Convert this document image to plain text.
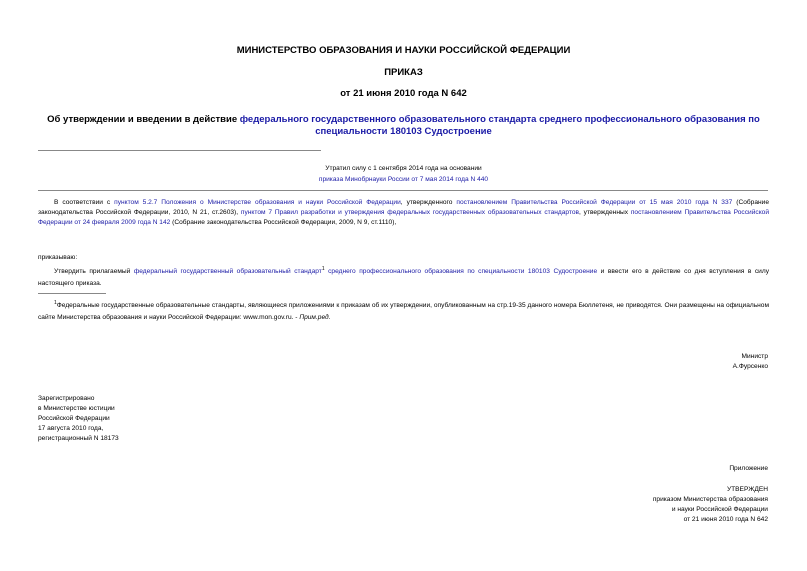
МИНИСТЕРСТВО ОБРАЗОВАНИЯ И НАУКИ РОССИЙСКОЙ ФЕДЕРАЦИИ
ПРИКАЗ
от 21 июня 2010 года N 642
Об утверждении и введении в действие федерального государственного образовательного стандарта среднего профессионального образования по
специальности 180103 Судостроение
Утратил силу с 1 сентября 2014 года на основании
приказа Минобрнауки России от 7 мая 2014 года N 440
В соответствии с пунктом 5.2.7 Положения о Министерстве образования и науки Российской Федерации, утвержденного постановлением Правительства Российской Федерации от 15 мая 2010 года N 337 (Собрание законодательства Российской Федерации, 2010, N 21, ст.2603), пунктом 7 Правил разработки и утверждения федеральных государственных образовательных стандартов, утвержденных постановлением Правительства Российской Федерации от 24 февраля 2009 года N 142 (Собрание законодательства Российской Федерации, 2009, N 9, ст.1110),
приказываю:
Утвердить прилагаемый федеральный государственный образовательный стандарт$^1$ среднего профессионального образования по специальности 180103 Судостроение и ввести его в действие со дня вступления в силу настоящего приказа.
$^1$Федеральные государственные образовательные стандарты, являющиеся приложениями к приказам об их утверждении, опубликованным на стр.19-35 данного номера Бюллетеня, не приводятся. Они размещены на официальном сайте Министерства образования и науки Российской Федерации: www.mon.gov.ru. - Прим.ред.
Министр
А.Фурсенко
Зарегистрировано
в Министерстве юстиции
Российской Федерации
17 августа 2010 года,
регистрационный N 18173
Приложение
УТВЕРЖДЕН
приказом Министерства образования
и науки Российской Федерации
от 21 июня 2010 года N 642
